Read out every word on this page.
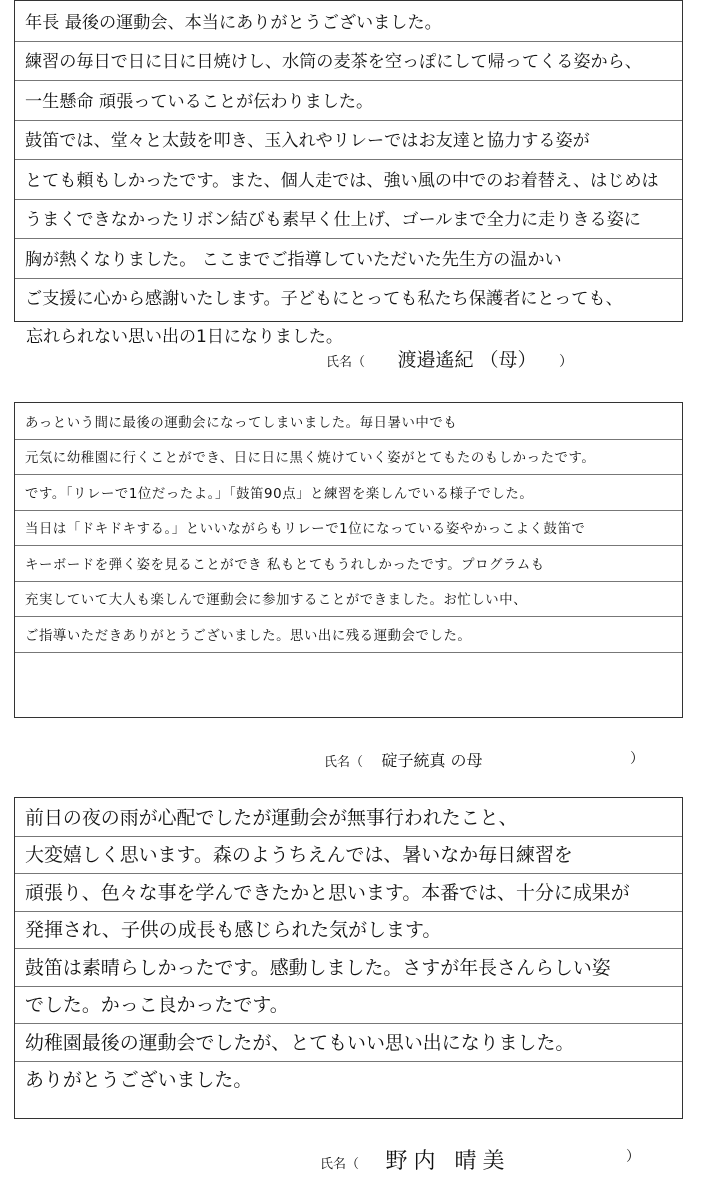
年長 最後の運動会、本当にありがとうございました。
練習の毎日で日に日に日焼けし、水筒の麦茶を空っぽにして帰ってくる姿から、
一生懸命 頑張っていることが伝わりました。
鼓笛では、堂々と太鼓を叩き、玉入れやリレーではお友達と協力する姿が
とても頼もしかったです。また、個人走では、強い風の中でのお着替え、はじめは
うまくできなかったリボン結びも素早く仕上げ、ゴールまで全力に走りきる姿に
胸が熱くなりました。 ここまでご指導していただいた先生方の温かい
ご支援に心から感謝いたします。子どもにとっても私たち保護者にとっても、
忘れられない思い出の1日になりました。
氏名（ 渡邉遙紀 （母） ）
あっという間に最後の運動会になってしまいました。毎日暑い中でも
元気に幼稚園に行くことができ、日に日に黒く焼けていく姿がとてもたのもしかったです。
です。「リレーで1位だったよ。」「鼓笛90点」と練習を楽しんでいる様子でした。
当日は「ドキドキする。」といいながらもリレーで1位になっている姿やかっこよく鼓笛で
キーボードを弾く姿を見ることができ 私もとてもうれしかったです。プログラムも
充実していて大人も楽しんで運動会に参加することができました。お忙しい中、
ご指導いただきありがとうございました。思い出に残る運動会でした。
氏名（ 碇子統真 の母	）
前日の夜の雨が心配でしたが運動会が無事行われたこと、
大変嬉しく思います。森のようちえんでは、暑いなか毎日練習を
頑張り、色々な事を学んできたかと思います。本番では、十分に成果が
発揮され、子供の成長も感じられた気がします。
鼓笛は素晴らしかったです。感動しました。さすが年長さんらしい姿
でした。かっこ良かったです。
幼稚園最後の運動会でしたが、とてもいい思い出になりました。
ありがとうございました。
氏名（ 野内 晴美	）
